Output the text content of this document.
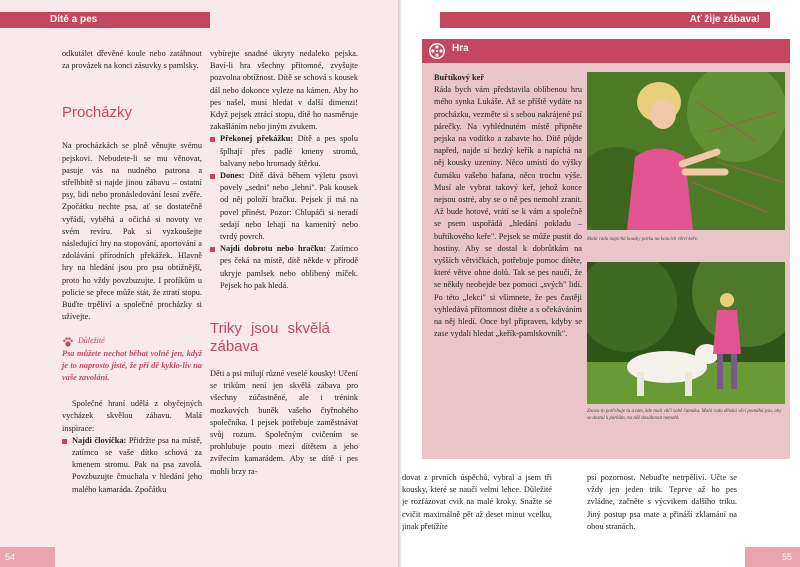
Dítě a pes

odkutálet dřevěné koule nebo zatáhnout za provázek na konci zásuvky s pamlsky.

Procházky

Na procházkách se plně věnujte svému pejskovi. Nebudete-li se mu věnovat, pasuje vás na nudného patrona a střelhbitě si najde jinou zábavu – ostatní psy, lidi nebo pronásledování lesní zvěře. Zpočátku nechte psa, ať se dostatečně vyřádí, vyběhá a očichá si novoty ve svém revíru. Pak si vyzkoušejte následující hry na stopování, aportování a zdolávání přírodních překážek. Hlavně hry na hledání jsou pro psa obtížnější, proto ho vždy povzbuzujte. I profíkům u policie se přece může stát, že ztratí stopu. Buďte trpěliví a společné procházky si užívejte.

Důležité

Psa můžete nechat běhat volně jen, když je to naprosto jisté, že při dě kyklo-liv na vaše zavolání.

Společné hraní udělá z obyčejných vycházek skvělou zábavu. Malá inspirace:

Najdi človíčka: Přidržte psa na místě, zatímco se vaše dítko schová za kmenem stromu. Pak na psa zavolá. Povzbuzujte čmuchala v hledání jeho malého kamaráda. Zpočátku

vybírejte snadné úkryty nedaleko pejska. Baví-li hra všechny přítomné, zvyšujte pozvolna obtížnost. Dítě se schová s kousek dál nebo dokonce vyleze na kámen. Aby ho pes našel, musí hledat v další dimenzi! Když pejsek ztrácí stopu, dítě ho nasměruje zakašláním nebo jiným zvukem.

Překonej překážku: Dítě a pes spolu šplhají přes padlé kmeny stromů, balvany nebo hromady štěrku.
Dones: Dítě dává během výletu psovi povely „sedni" nebo „lehni". Pak kousek od něj položí hračku. Pejsek jí má na povel přinést. Pozor: Chlupáči si neradí sedají nebo lehají na kamenitý nebo tvrdý povrch.
Najdi dobrotu nebo hračku: Zatímco pes čeká na místě, dítě někde v přírodě ukryje pamlsek nebo oblíbený míček. Pejsek ho pak hledá.
Triky jsou skvělá zábava

Děti a psi milují různé veselé kousky! Učení se trikům není jen skvělá zábava pro všechny zúčastněné, ale i trénink mozkových buněk vašeho čtyřnohého společníka. I pejsek potřebuje zaměstnávat svůj rozum. Společným cvičením se prohlubuje pouto mezi dítětem a jeho zvířecím kamarádem. Aby se dítě i pes mohli brzy ra-

54
Ať žije zábava!
Hra

Buřtíkový keř

Ráda bych vám představila oblíbenou hru mého synka Lukáše. Až se příště vydáte na procházku, vezměte si s sebou nakrájené psí párečky. Na vyhlédnutém místě připněte pejska na vodítko a zabavte ho. Dítě půjde napřed, najde si hezký keřík a napíchá na něj kousky uzeniny. Něco umístí do výšky čumáku vašeho hafana, něco trochu výše. Musí ale vybrat takový keř, jehož konce nejsou ostré, aby se o ně pes nemohl zranit. Až bude hotové, vrátí se k vám a společně se psem uspořádá „hledání pokladu – buřtíkového keře". Pejsek se může pustit do hostiny. Aby se dostal k dobrůtkám na vyšších větvičkách, potřebuje pomoc dítěte, které větve ohne dolů. Tak se pes naučí, že se někdy neobejde bez pomoci „svých" lidí. Po této „lekci" si všimnete, že pes častěji vyhledává přítomnost dítěte a s očekáváním na něj hledí. Once byl připraven, kdyby se zase vydali hledat „keřík-pamlskovník".

Malá rada napíchá kousky párku na koncích větví keře.
Znovu to potřebuje tu a tam, kde malí vůči sobě čumáku. Malá rada dětská věcí pomáhá psu, aby se dostal k párkům, na něž dosáhnout nemohl.
dovat z prvních úspěchů, vybral a jsem tři kousky, které se naučí velmi lehce. Důležité je rozfázovat cvik na malé kroky. Snažte se cvičit maximálně pět až deset minut vcelku, jinak přetížíte
psí pozornost. Nebuďte netrpěliví. Učte se vždy jen jeden trik. Teprve až ho pes zvládne, začněte s výcvikem dalšího triku. Jiný postup psa mate a přináší zklamání na obou stranách.
55
